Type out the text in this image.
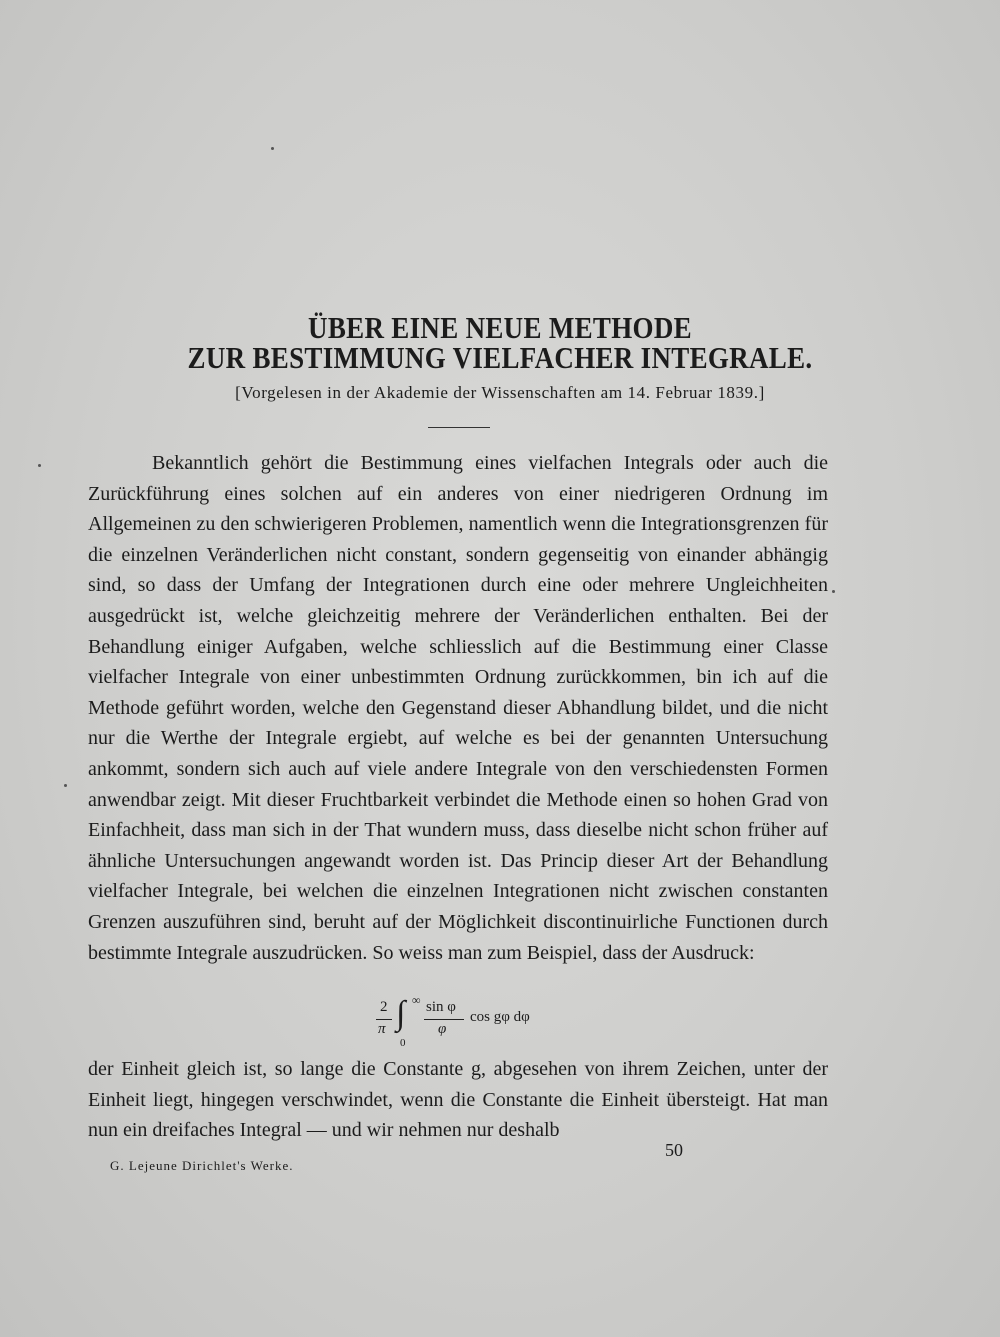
ÜBER EINE NEUE METHODE
ZUR BESTIMMUNG VIELFACHER INTEGRALE.
[Vorgelesen in der Akademie der Wissenschaften am 14. Februar 1839.]

Bekanntlich gehört die Bestimmung eines vielfachen Integrals oder auch die Zurückführung eines solchen auf ein anderes von einer niedrigeren Ordnung im Allgemeinen zu den schwierigeren Problemen, namentlich wenn die Integrationsgrenzen für die einzelnen Veränderlichen nicht constant, sondern gegenseitig von einander abhängig sind, so dass der Umfang der Integrationen durch eine oder mehrere Ungleichheiten ausgedrückt ist, welche gleichzeitig mehrere der Veränderlichen enthalten. Bei der Behandlung einiger Aufgaben, welche schliesslich auf die Bestimmung einer Classe vielfacher Integrale von einer unbestimmten Ordnung zurückkommen, bin ich auf die Methode geführt worden, welche den Gegenstand dieser Abhandlung bildet, und die nicht nur die Werthe der Integrale ergiebt, auf welche es bei der genannten Untersuchung ankommt, sondern sich auch auf viele andere Integrale von den verschiedensten Formen anwendbar zeigt. Mit dieser Fruchtbarkeit verbindet die Methode einen so hohen Grad von Einfachheit, dass man sich in der That wundern muss, dass dieselbe nicht schon früher auf ähnliche Untersuchungen angewandt worden ist. Das Princip dieser Art der Behandlung vielfacher Integrale, bei welchen die einzelnen Integrationen nicht zwischen constanten Grenzen auszuführen sind, beruht auf der Möglichkeit discontinuirliche Functionen durch bestimmte Integrale auszudrücken. So weiss man zum Beispiel, dass der Ausdruck:

2
π ∫ ∞
0
sin φ
φ
cos gφ dφ

der Einheit gleich ist, so lange die Constante g, abgesehen von ihrem Zeichen, unter der Einheit liegt, hingegen verschwindet, wenn die Constante die Einheit übersteigt. Hat man nun ein dreifaches Integral — und wir nehmen nur deshalb

G. Lejeune Dirichlet's Werke.
50
